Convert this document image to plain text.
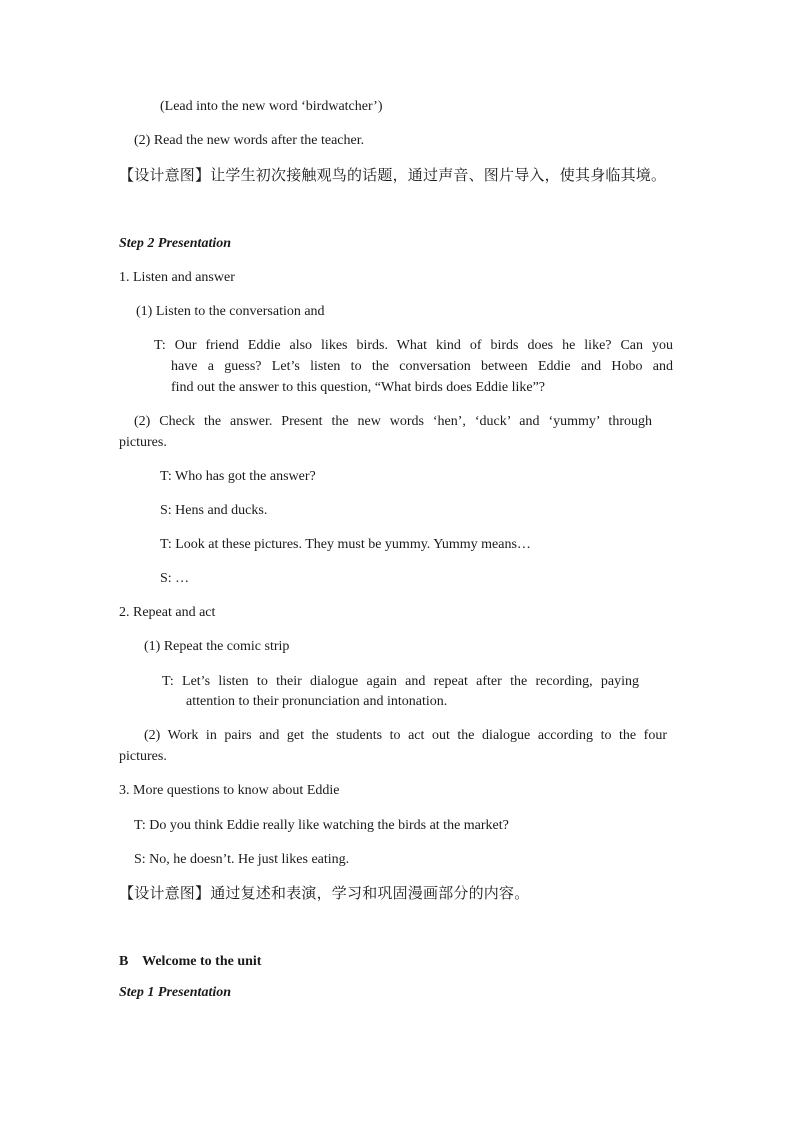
(Lead into the new word ‘birdwatcher’)
(2) Read the new words after the teacher.
【设计意图】让学生初次接触观鸟的话题，通过声音、图片导入，使其身临其境。
Step 2 Presentation
1. Listen and answer
(1) Listen to the conversation and
T: Our friend Eddie also likes birds. What kind of birds does he like? Can you
have a guess? Let’s listen to the conversation between Eddie and Hobo and
find out the answer to this question, “What birds does Eddie like”?
(2) Check the answer. Present the new words ‘hen’, ‘duck’ and ‘yummy’ through
pictures.
T: Who has got the answer?
S: Hens and ducks.
T: Look at these pictures. They must be yummy. Yummy means…
S: …
2. Repeat and act
(1) Repeat the comic strip
T: Let’s listen to their dialogue again and repeat after the recording, paying
attention to their pronunciation and intonation.
(2) Work in pairs and get the students to act out the dialogue according to the four
pictures.
3. More questions to know about Eddie
T: Do you think Eddie really like watching the birds at the market?
S: No, he doesn’t. He just likes eating.
【设计意图】通过复述和表演，学习和巩固漫画部分的内容。
B    Welcome to the unit
Step 1 Presentation
